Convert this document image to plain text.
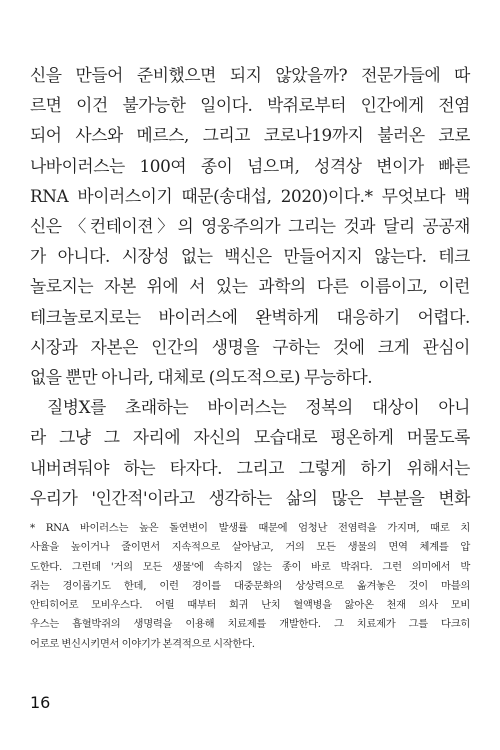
신을 만들어 준비했으면 되지 않았을까? 전문가들에 따
르면 이건 불가능한 일이다. 박쥐로부터 인간에게 전염
되어 사스와 메르스, 그리고 코로나19까지 불러온 코로
나바이러스는 100여 종이 넘으며, 성격상 변이가 빠른
RNA 바이러스이기 때문(송대섭, 2020)이다.* 무엇보다 백
신은 〈컨테이젼〉의 영웅주의가 그리는 것과 달리 공공재
가 아니다. 시장성 없는 백신은 만들어지지 않는다. 테크
놀로지는 자본 위에 서 있는 과학의 다른 이름이고, 이런
테크놀로지로는 바이러스에 완벽하게 대응하기 어렵다.
시장과 자본은 인간의 생명을 구하는 것에 크게 관심이
없을 뿐만 아니라, 대체로 (의도적으로) 무능하다.
질병X를 초래하는 바이러스는 정복의 대상이 아니
라 그냥 그 자리에 자신의 모습대로 평온하게 머물도록
내버려둬야 하는 타자다. 그리고 그렇게 하기 위해서는
우리가 '인간적'이라고 생각하는 삶의 많은 부분을 변화
* RNA 바이러스는 높은 돌연변이 발생률 때문에 엄청난 전염력을 가지며, 때로 치
사율을 높이거나 줄이면서 지속적으로 살아남고, 거의 모든 생물의 면역 체계를 압
도한다. 그런데 '거의 모든 생물'에 속하지 않는 종이 바로 박쥐다. 그런 의미에서 박
쥐는 경이롭기도 한데, 이런 경이를 대중문화의 상상력으로 옮겨놓은 것이 마블의
안티히어로 모비우스다. 어릴 때부터 희귀 난치 혈액병을 앓아온 천재 의사 모비
우스는 흡혈박쥐의 생명력을 이용해 치료제를 개발한다. 그 치료제가 그를 다크히
어로로 변신시키면서 이야기가 본격적으로 시작한다.
16
